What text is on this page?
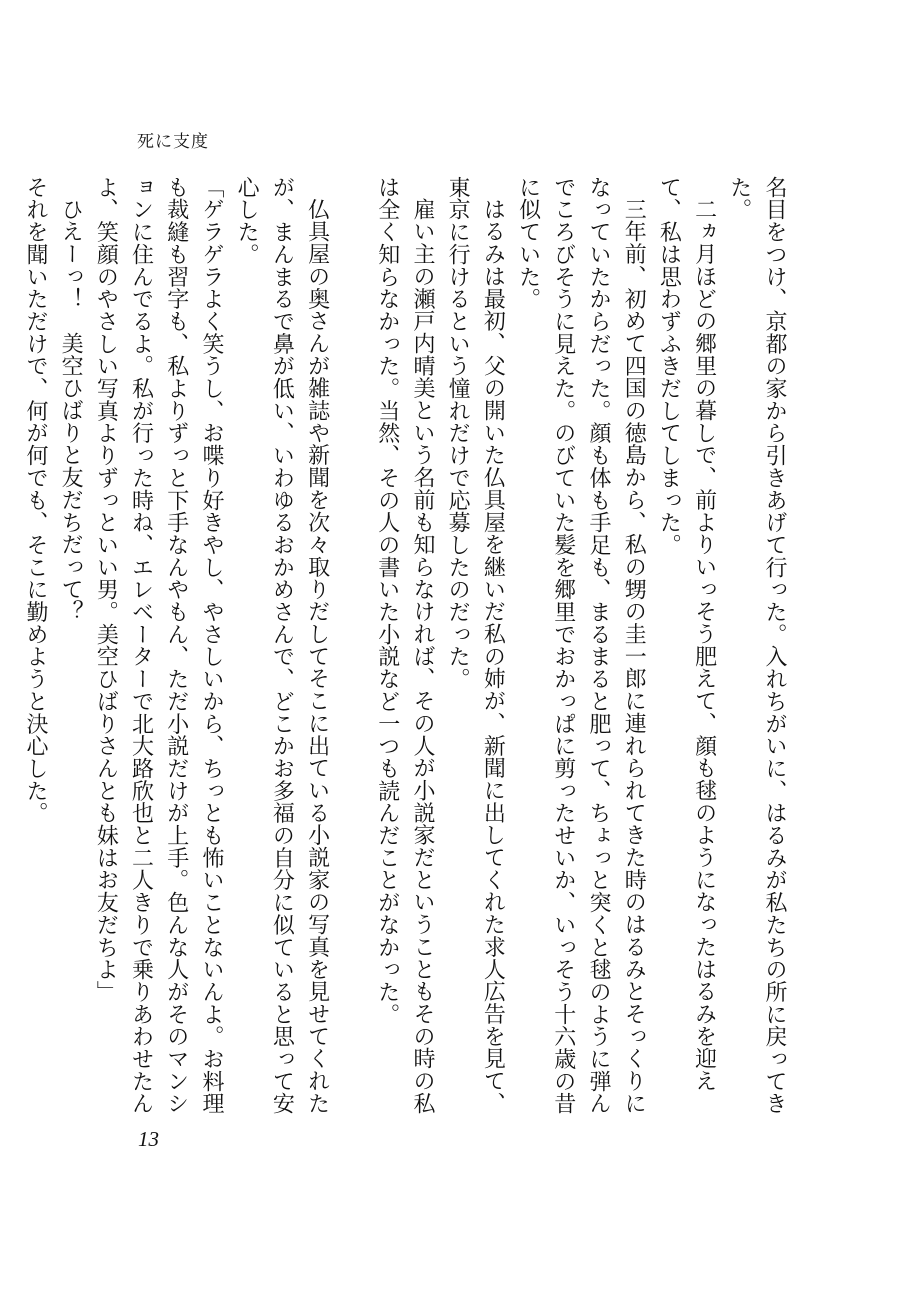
死に支度

名目をつけ、京都の家から引きあげて行った。入れちがいに、はるみが私たちの所に戻ってきた。

二ヵ月ほどの郷里の暮しで、前よりいっそう肥えて、顔も毬のようになったはるみを迎えて、私は思わずふきだしてしまった。

三年前、初めて四国の徳島から、私の甥の圭一郎に連れられてきた時のはるみとそっくりになっていたからだった。顔も体も手足も、まるまると肥って、ちょっと突くと毬のように弾んでころびそうに見えた。のびていた髪を郷里でおかっぱに剪ったせいか、いっそう十六歳の昔に似ていた。

はるみは最初、父の開いた仏具屋を継いだ私の姉が、新聞に出してくれた求人広告を見て、東京に行けるという憧れだけで応募したのだった。

雇い主の瀬戸内晴美という名前も知らなければ、その人が小説家だということもその時の私は全く知らなかった。当然、その人の書いた小説など一つも読んだことがなかった。

仏具屋の奥さんが雑誌や新聞を次々取りだしてそこに出ている小説家の写真を見せてくれたが、まんまるで鼻が低い、いわゆるおかめさんで、どこかお多福の自分に似ていると思って安心した。

「ゲラゲラよく笑うし、お喋り好きやし、やさしいから、ちっとも怖いことないんよ。お料理も裁縫も習字も、私よりずっと下手なんやもん、ただ小説だけが上手。色んな人がそのマンションに住んでるよ。私が行った時ね、エレベーターで北大路欣也と二人きりで乗りあわせたんよ、笑顔のやさしい写真よりずっといい男。美空ひばりさんとも妹はお友だちよ」

ひえーっ！　美空ひばりと友だちだって？

それを聞いただけで、何が何でも、そこに勤めようと決心した。

13
